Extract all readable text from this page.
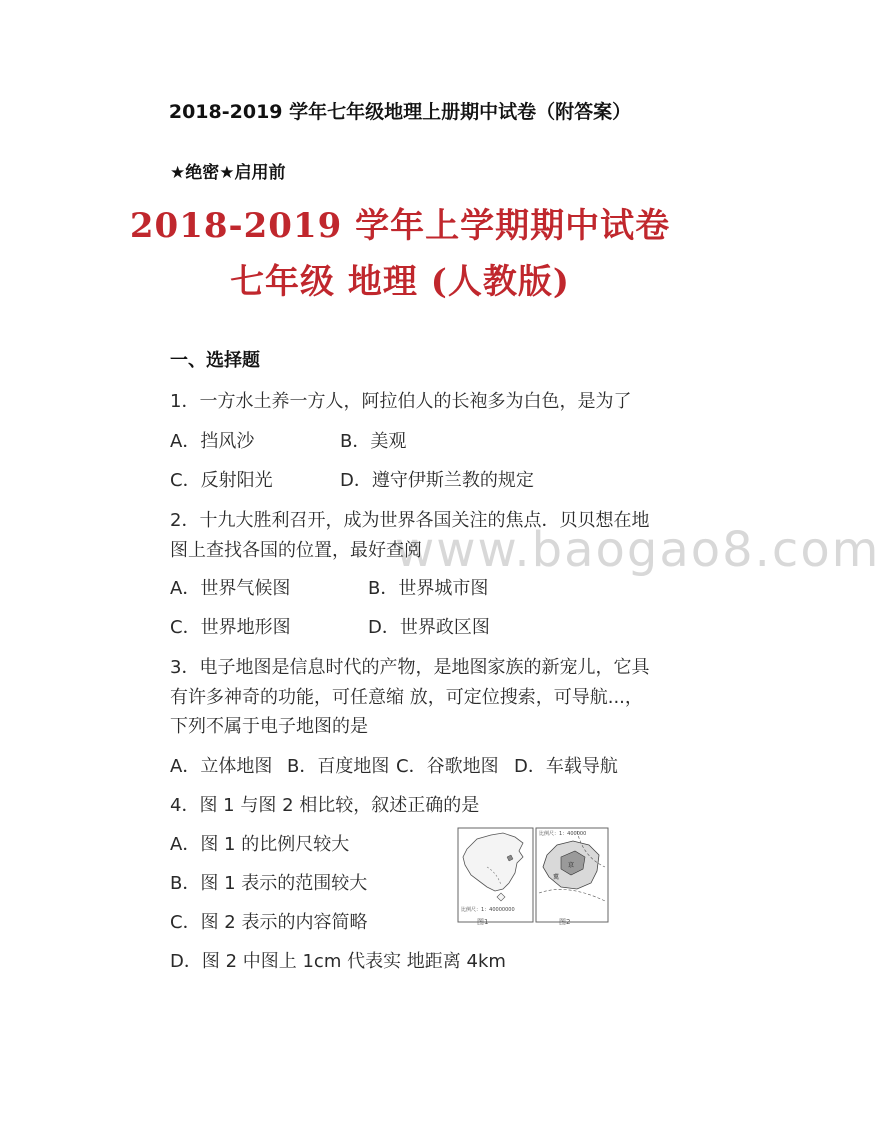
2018-2019 学年七年级地理上册期中试卷（附答案）
★绝密★启用前
2018-2019 学年上学期期中试卷
七年级 地理 (人教版)
一、选择题
www.baogao8.com
1．一方水土养一方人，阿拉伯人的长袍多为白色，是为了
A．挡风沙	B．美观
C．反射阳光	D．遵守伊斯兰教的规定
2．十九大胜利召开，成为世界各国关注的焦点．贝贝想在地
图上查找各国的位置，最好查阅
A．世界气候图	B．世界城市图
C．世界地形图	D．世界政区图
3．电子地图是信息时代的产物，是地图家族的新宠儿，它具
有许多神奇的功能，可任意缩 放，可定位搜索，可导航...，
下列不属于电子地图的是
A．立体地图 B．百度地图 C．谷歌地图 D．车载导航
4．图 1 与图 2 相比较，叙述正确的是
A．图 1 的比例尺较大
B．图 1 表示的范围较大
C．图 2 表示的内容简略
D．图 2 中图上 1cm 代表实 地距离 4km
比例尺：1：40000000
京
冀
比例尺：1：400000
图1	图2
